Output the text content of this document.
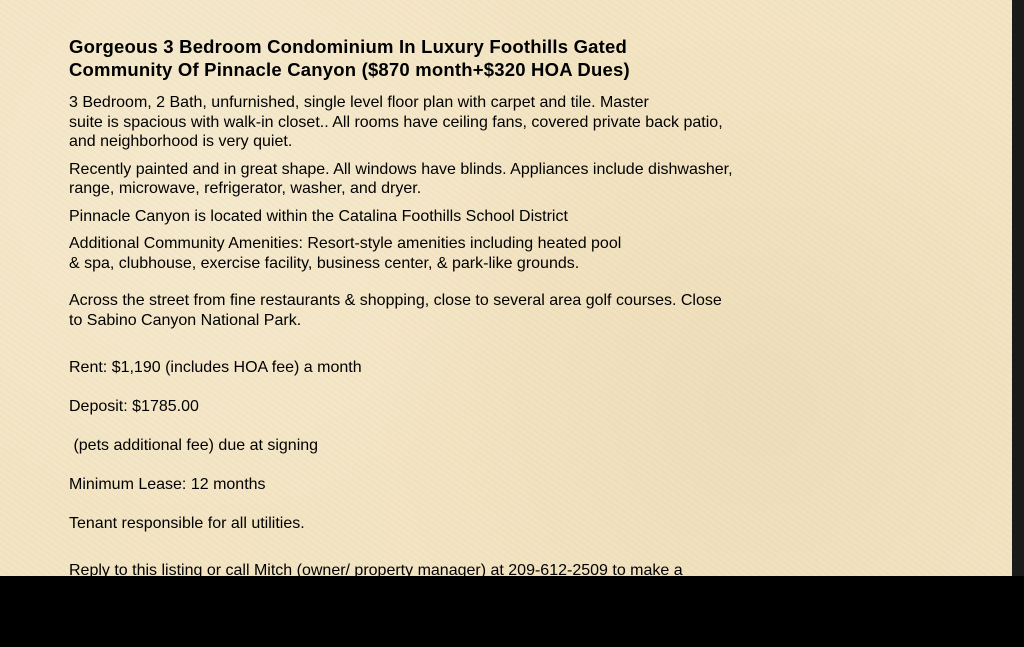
Gorgeous 3 Bedroom Condominium In Luxury Foothills Gated
Community Of Pinnacle Canyon ($870 month+$320 HOA Dues)
3 Bedroom, 2 Bath, unfurnished, single level floor plan with carpet and tile. Master
suite is spacious with walk-in closet.. All rooms have ceiling fans, covered private back patio,
and neighborhood is very quiet.
Recently painted and in great shape. All windows have blinds. Appliances include dishwasher,
range, microwave, refrigerator, washer, and dryer.
Pinnacle Canyon is located within the Catalina Foothills School District
Additional Community Amenities: Resort-style amenities including heated pool
& spa, clubhouse, exercise facility, business center, & park-like grounds.
Across the street from fine restaurants & shopping, close to several area golf courses. Close
to Sabino Canyon National Park.

Rent: $1,190 (includes HOA fee) a month

Deposit: $1785.00

(pets additional fee) due at signing

Minimum Lease: 12 months

Tenant responsible for all utilities.

Reply to this listing or call Mitch (owner/ property manager) at 209-612-2509 to make a
viewing appointment (7 days a week) or email RM_Tucson_Rental@yahoo.com.
Each adult applicant will be screened for credit and rent history. Each applicant must provide
a valid ID (license or identification card).
